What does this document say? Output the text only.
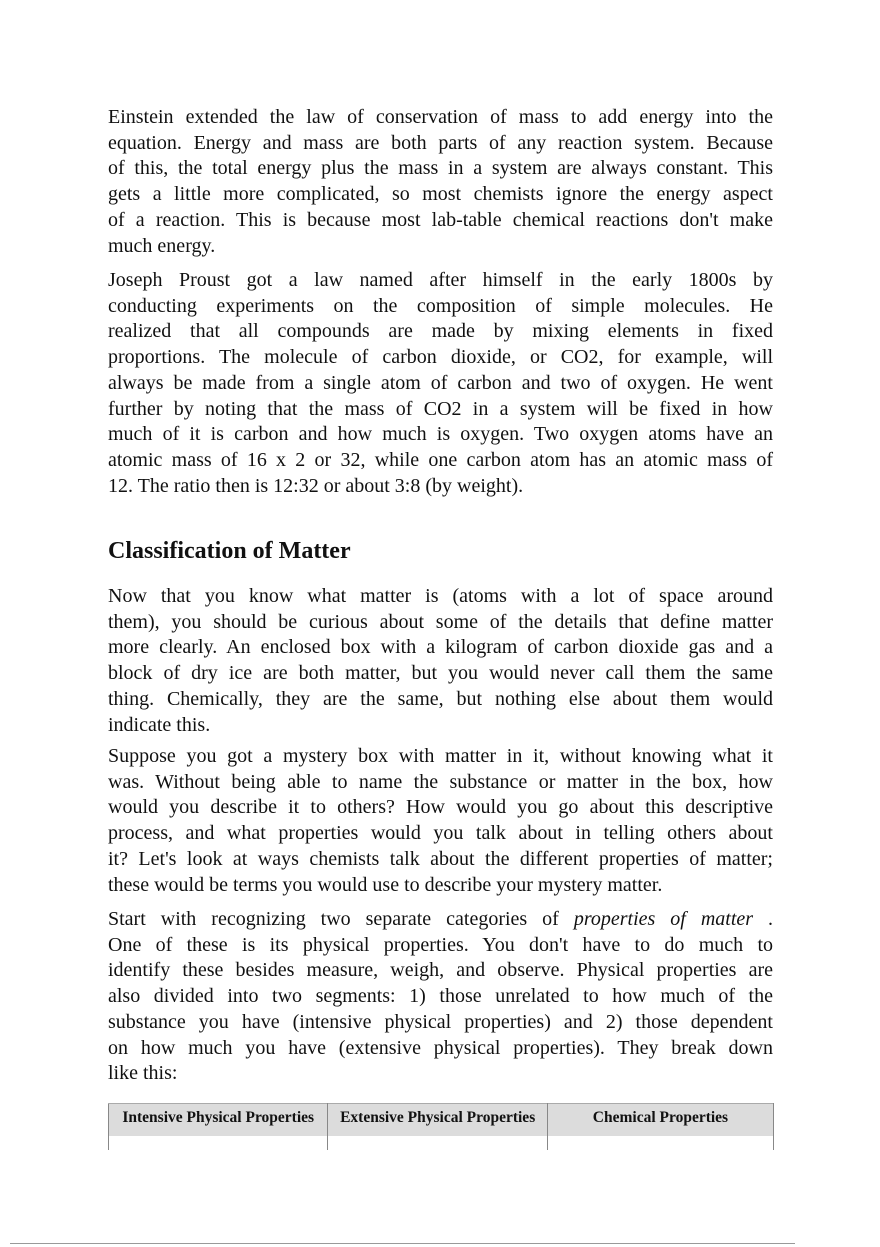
Einstein extended the law of conservation of mass to add energy into the
equation. Energy and mass are both parts of any reaction system. Because
of this, the total energy plus the mass in a system are always constant. This
gets a little more complicated, so most chemists ignore the energy aspect
of a reaction. This is because most lab-table chemical reactions don't make
much energy.
Joseph Proust got a law named after himself in the early 1800s by
conducting experiments on the composition of simple molecules. He
realized that all compounds are made by mixing elements in fixed
proportions. The molecule of carbon dioxide, or CO2, for example, will
always be made from a single atom of carbon and two of oxygen. He went
further by noting that the mass of CO2 in a system will be fixed in how
much of it is carbon and how much is oxygen. Two oxygen atoms have an
atomic mass of 16 x 2 or 32, while one carbon atom has an atomic mass of
12. The ratio then is 12:32 or about 3:8 (by weight).
Classification of Matter
Now that you know what matter is (atoms with a lot of space around
them), you should be curious about some of the details that define matter
more clearly. An enclosed box with a kilogram of carbon dioxide gas and a
block of dry ice are both matter, but you would never call them the same
thing. Chemically, they are the same, but nothing else about them would
indicate this.
Suppose you got a mystery box with matter in it, without knowing what it
was. Without being able to name the substance or matter in the box, how
would you describe it to others? How would you go about this descriptive
process, and what properties would you talk about in telling others about
it? Let's look at ways chemists talk about the different properties of matter;
these would be terms you would use to describe your mystery matter.
Start with recognizing two separate categories of properties of matter .
One of these is its physical properties. You don't have to do much to
identify these besides measure, weigh, and observe. Physical properties are
also divided into two segments: 1) those unrelated to how much of the
substance you have (intensive physical properties) and 2) those dependent
on how much you have (extensive physical properties). They break down
like this:
Intensive Physical Properties	Extensive Physical Properties	Chemical Properties
